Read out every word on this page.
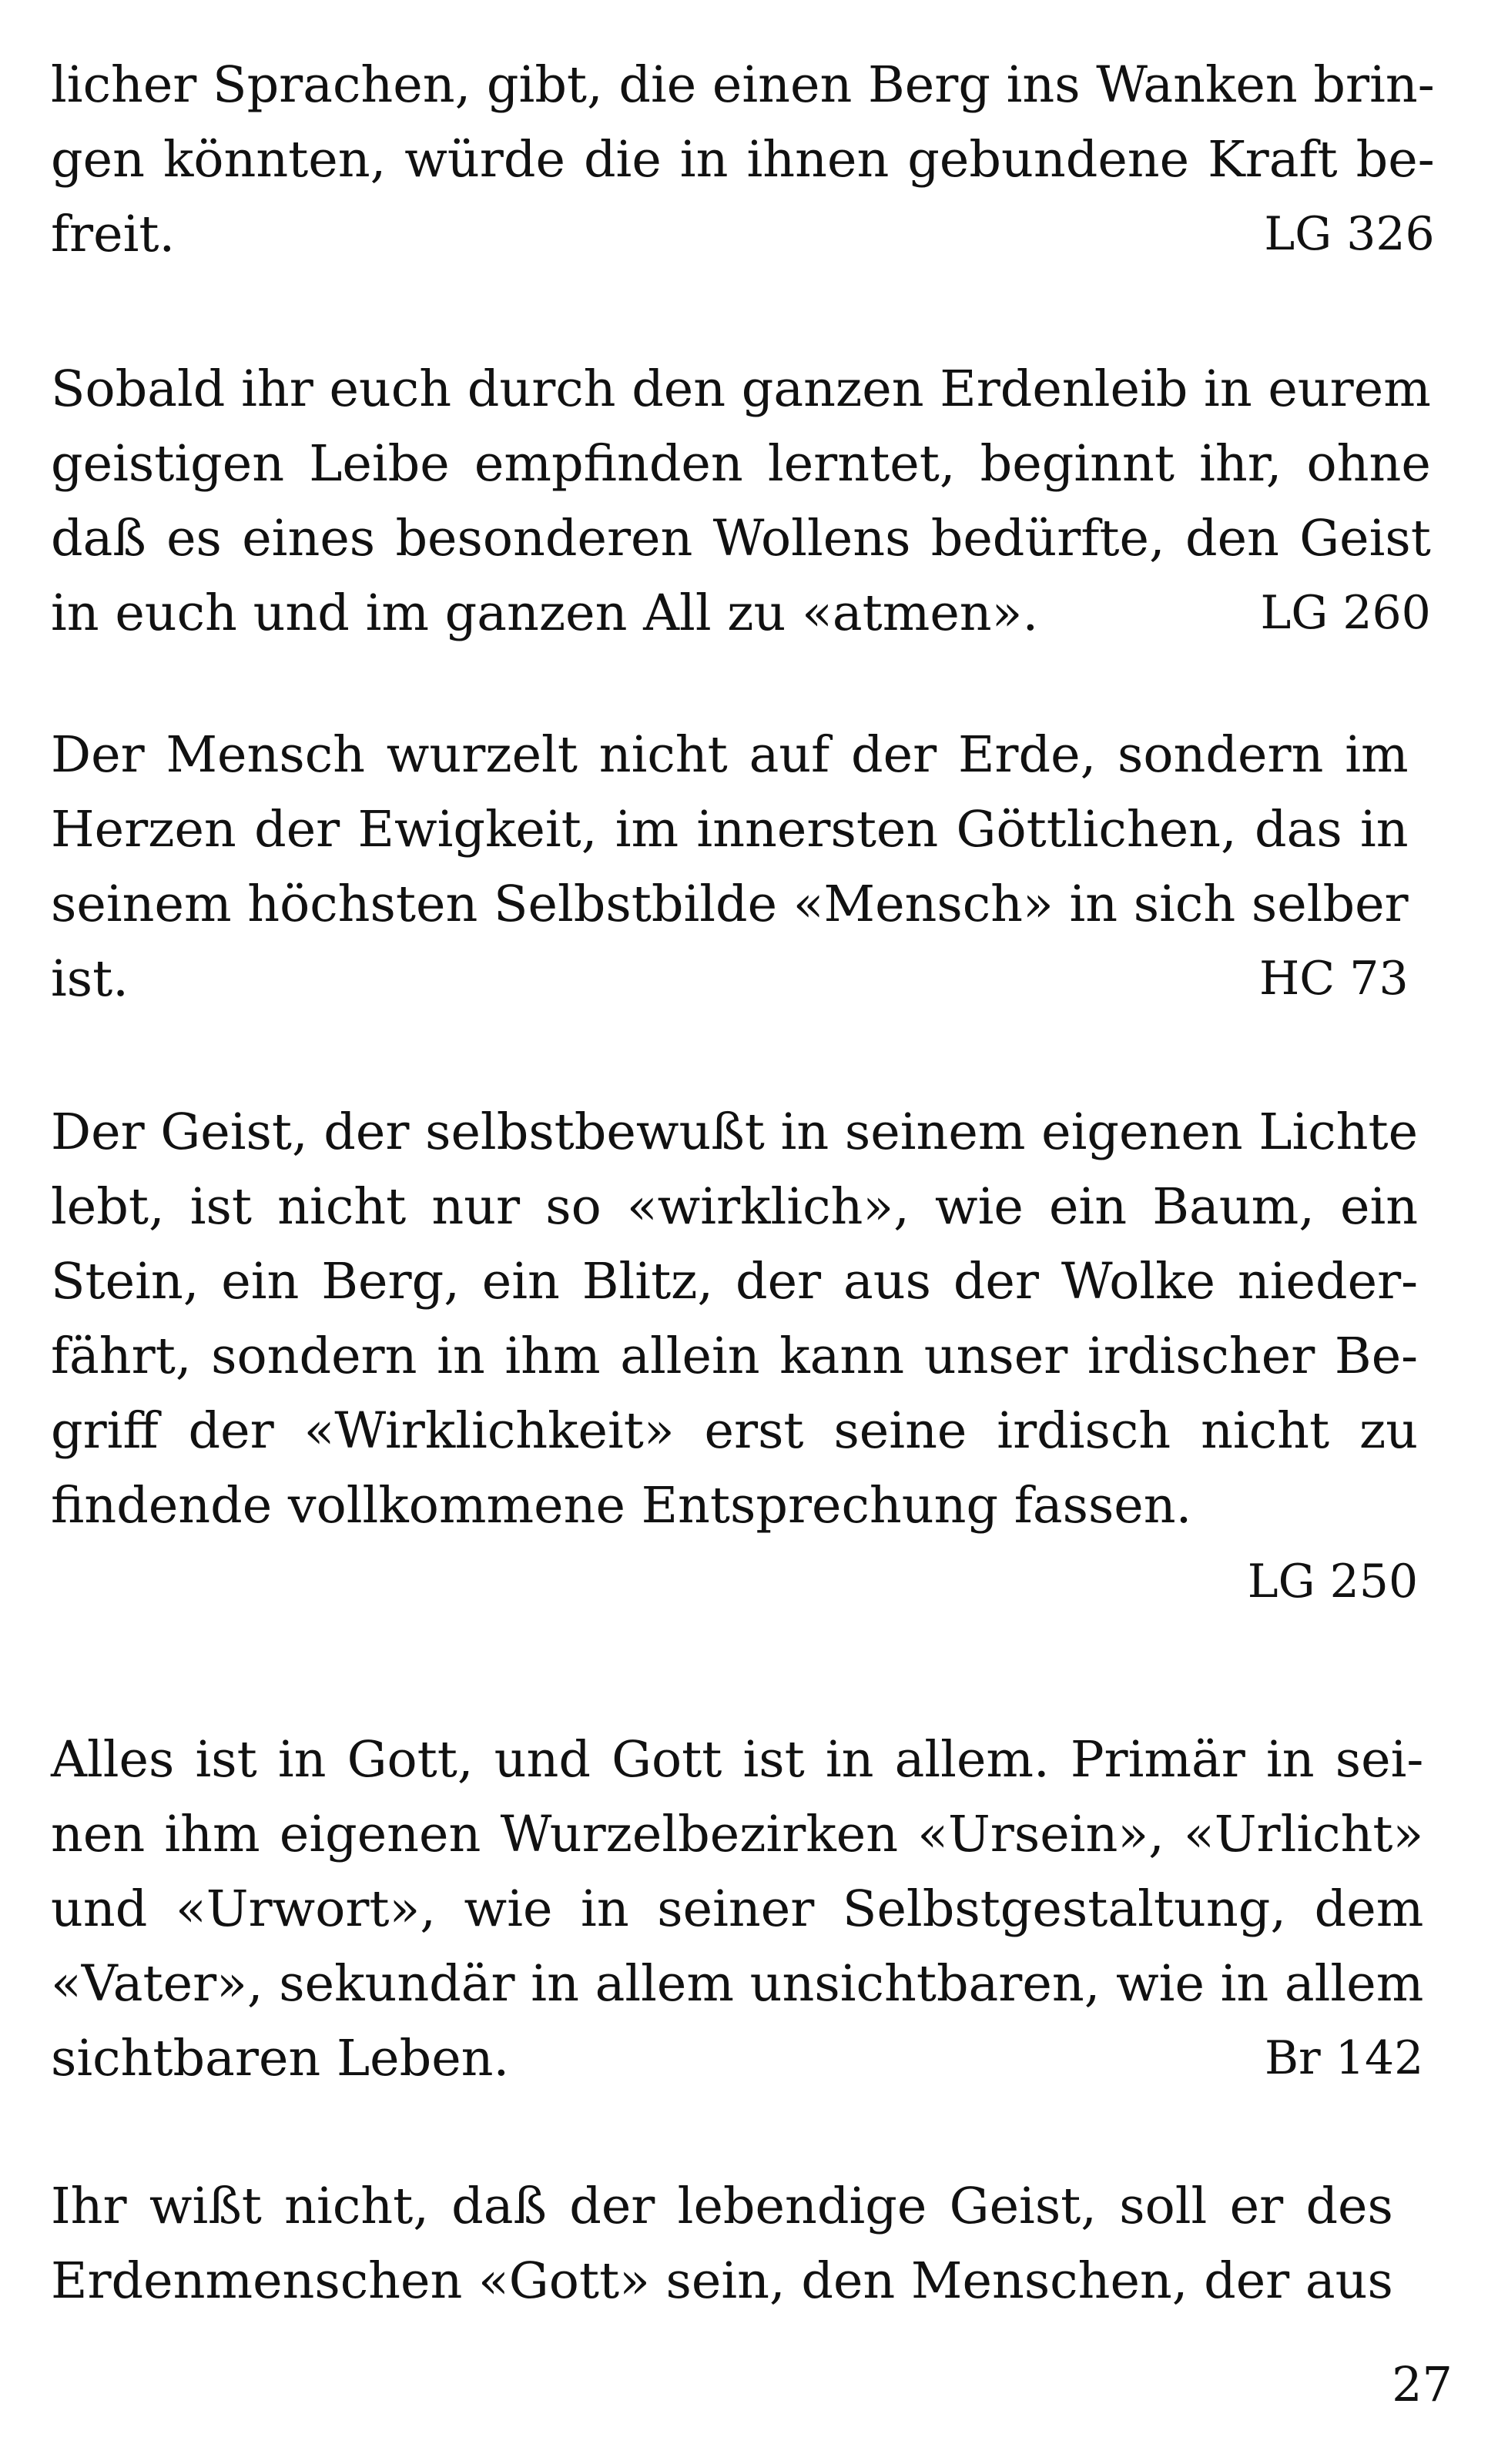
licher Sprachen, gibt, die einen Berg ins Wanken brin-
gen könnten, würde die in ihnen gebundene Kraft be-
freit.	LG 326
Sobald ihr euch durch den ganzen Erdenleib in eurem
geistigen Leibe empfinden lerntet, beginnt ihr, ohne
daß es eines besonderen Wollens bedürfte, den Geist
in euch und im ganzen All zu «atmen».	LG 260
Der Mensch wurzelt nicht auf der Erde, sondern im
Herzen der Ewigkeit, im innersten Göttlichen, das in
seinem höchsten Selbstbilde «Mensch» in sich selber
ist.	HC 73
Der Geist, der selbstbewußt in seinem eigenen Lichte
lebt, ist nicht nur so «wirklich», wie ein Baum, ein
Stein, ein Berg, ein Blitz, der aus der Wolke nieder-
fährt, sondern in ihm allein kann unser irdischer Be-
griff der «Wirklichkeit» erst seine irdisch nicht zu
findende vollkommene Entsprechung fassen.
LG 250
Alles ist in Gott, und Gott ist in allem. Primär in sei-
nen ihm eigenen Wurzelbezirken «Ursein», «Urlicht»
und «Urwort», wie in seiner Selbstgestaltung, dem
«Vater», sekundär in allem unsichtbaren, wie in allem
sichtbaren Leben.	Br 142
Ihr wißt nicht, daß der lebendige Geist, soll er des
Erdenmenschen «Gott» sein, den Menschen, der aus
27
